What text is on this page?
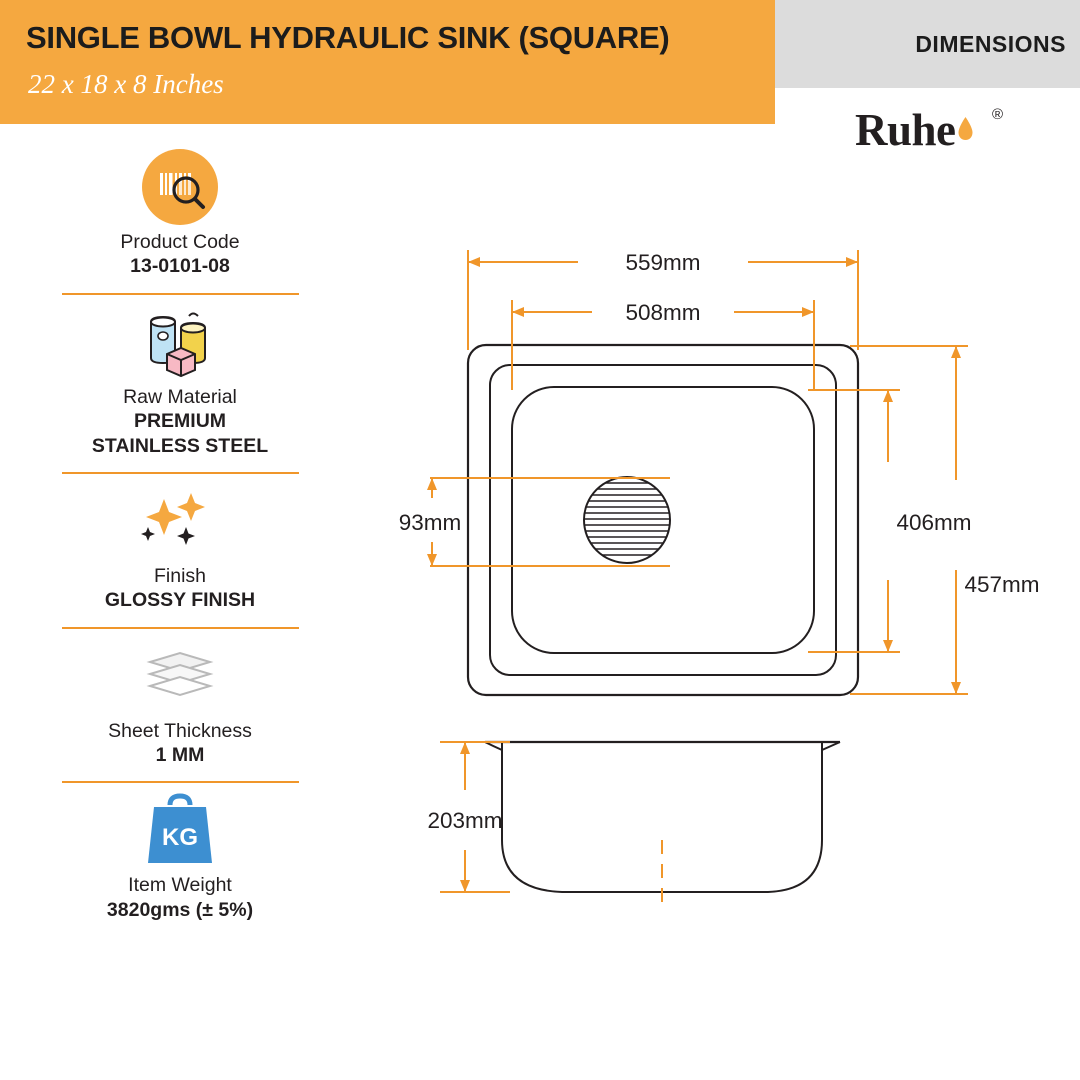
SINGLE BOWL HYDRAULIC SINK (SQUARE)
22 x 18 x 8 Inches
DIMENSIONS
Ruhe ®
Product Code
13-0101-08
Raw Material
PREMIUM
STAINLESS STEEL
Finish
GLOSSY FINISH
Sheet Thickness
1 MM
KG
Item Weight
3820gms (± 5%)
559mm
508mm
93mm	406mm
457mm
203mm
